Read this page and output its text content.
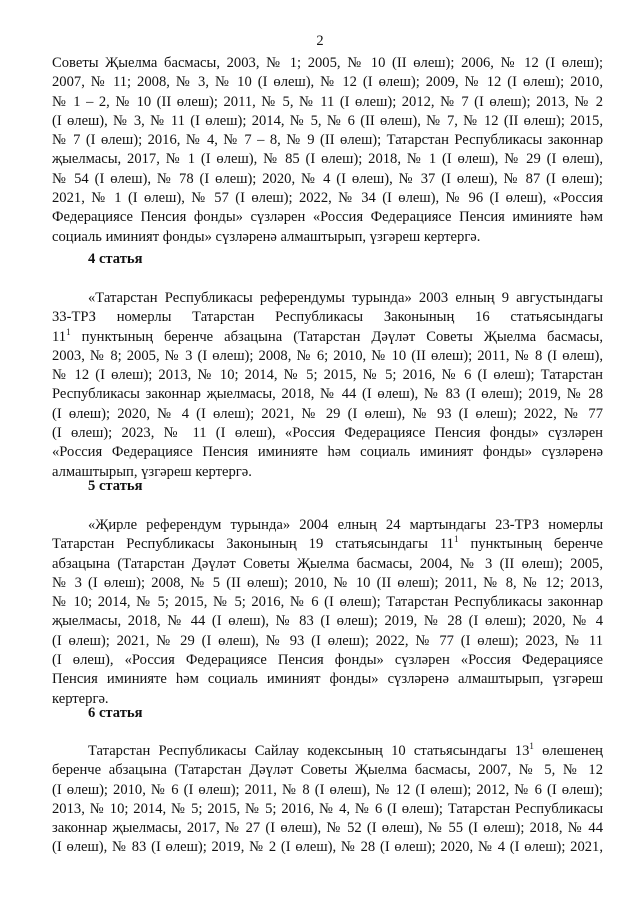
2
Советы Җыелма басмасы, 2003, № 1; 2005, № 10 (II өлеш); 2006, № 12 (I өлеш);
2007, № 11; 2008, № 3, № 10 (I өлеш), № 12 (I өлеш); 2009, № 12 (I өлеш); 2010,
№ 1 – 2, № 10 (II өлеш); 2011, № 5, № 11 (I өлеш); 2012, № 7 (I өлеш); 2013, № 2
(I өлеш), № 3, № 11 (I өлеш); 2014, № 5, № 6 (II өлеш), № 7, № 12 (II өлеш); 2015,
№ 7 (I өлеш); 2016, № 4, № 7 – 8, № 9 (II өлеш); Татарстан Республикасы законнар
җыелмасы, 2017, № 1 (I өлеш), № 85 (I өлеш); 2018, № 1 (I өлеш), № 29 (I өлеш),
№ 54 (I өлеш), № 78 (I өлеш); 2020, № 4 (I өлеш), № 37 (I өлеш), № 87 (I өлеш);
2021, № 1 (I өлеш), № 57 (I өлеш); 2022, № 34 (I өлеш), № 96 (I өлеш), «Россия
Федерациясе Пенсия фонды» сүзләрен «Россия Федерациясе Пенсия иминияте һәм
социаль иминият фонды» сүзләренә алмаштырып, үзгәреш кертергә.
4 статья
«Татарстан Республикасы референдумы турында» 2003 елның 9 августындагы
33-ТРЗ номерлы Татарстан Республикасы Законының 16 статьясындагы
$11^1$ пунктының беренче абзацына (Татарстан Дәүләт Советы Җыелма басмасы,
2003, № 8; 2005, № 3 (I өлеш); 2008, № 6; 2010, № 10 (II өлеш); 2011, № 8 (I өлеш),
№ 12 (I өлеш); 2013, № 10; 2014, № 5; 2015, № 5; 2016, № 6 (I өлеш); Татарстан
Республикасы законнар җыелмасы, 2018, № 44 (I өлеш), № 83 (I өлеш); 2019, № 28
(I өлеш); 2020, № 4 (I өлеш); 2021, № 29 (I өлеш), № 93 (I өлеш); 2022, № 77
(I өлеш); 2023, № 11 (I өлеш), «Россия Федерациясе Пенсия фонды» сүзләрен
«Россия Федерациясе Пенсия иминияте һәм социаль иминият фонды» сүзләренә
алмаштырып, үзгәреш кертергә.
5 статья
«Җирле референдум турында» 2004 елның 24 мартындагы 23-ТРЗ номерлы
Татарстан Республикасы Законының 19 статьясындагы $11^1$ пунктының беренче
абзацына (Татарстан Дәүләт Советы Җыелма басмасы, 2004, № 3 (II өлеш); 2005,
№ 3 (I өлеш); 2008, № 5 (II өлеш); 2010, № 10 (II өлеш); 2011, № 8, № 12; 2013,
№ 10; 2014, № 5; 2015, № 5; 2016, № 6 (I өлеш); Татарстан Республикасы законнар
җыелмасы, 2018, № 44 (I өлеш), № 83 (I өлеш); 2019, № 28 (I өлеш); 2020, № 4
(I өлеш); 2021, № 29 (I өлеш), № 93 (I өлеш); 2022, № 77 (I өлеш); 2023, № 11
(I өлеш), «Россия Федерациясе Пенсия фонды» сүзләрен «Россия Федерациясе
Пенсия иминияте һәм социаль иминият фонды» сүзләренә алмаштырып, үзгәреш
кертергә.
6 статья
Татарстан Республикасы Сайлау кодексының 10 статьясындагы $13^1$ өлешенең
беренче абзацына (Татарстан Дәүләт Советы Җыелма басмасы, 2007, № 5, № 12
(I өлеш); 2010, № 6 (I өлеш); 2011, № 8 (I өлеш), № 12 (I өлеш); 2012, № 6 (I өлеш);
2013, № 10; 2014, № 5; 2015, № 5; 2016, № 4, № 6 (I өлеш); Татарстан Республикасы
законнар җыелмасы, 2017, № 27 (I өлеш), № 52 (I өлеш), № 55 (I өлеш); 2018, № 44
(I өлеш), № 83 (I өлеш); 2019, № 2 (I өлеш), № 28 (I өлеш); 2020, № 4 (I өлеш); 2021,
